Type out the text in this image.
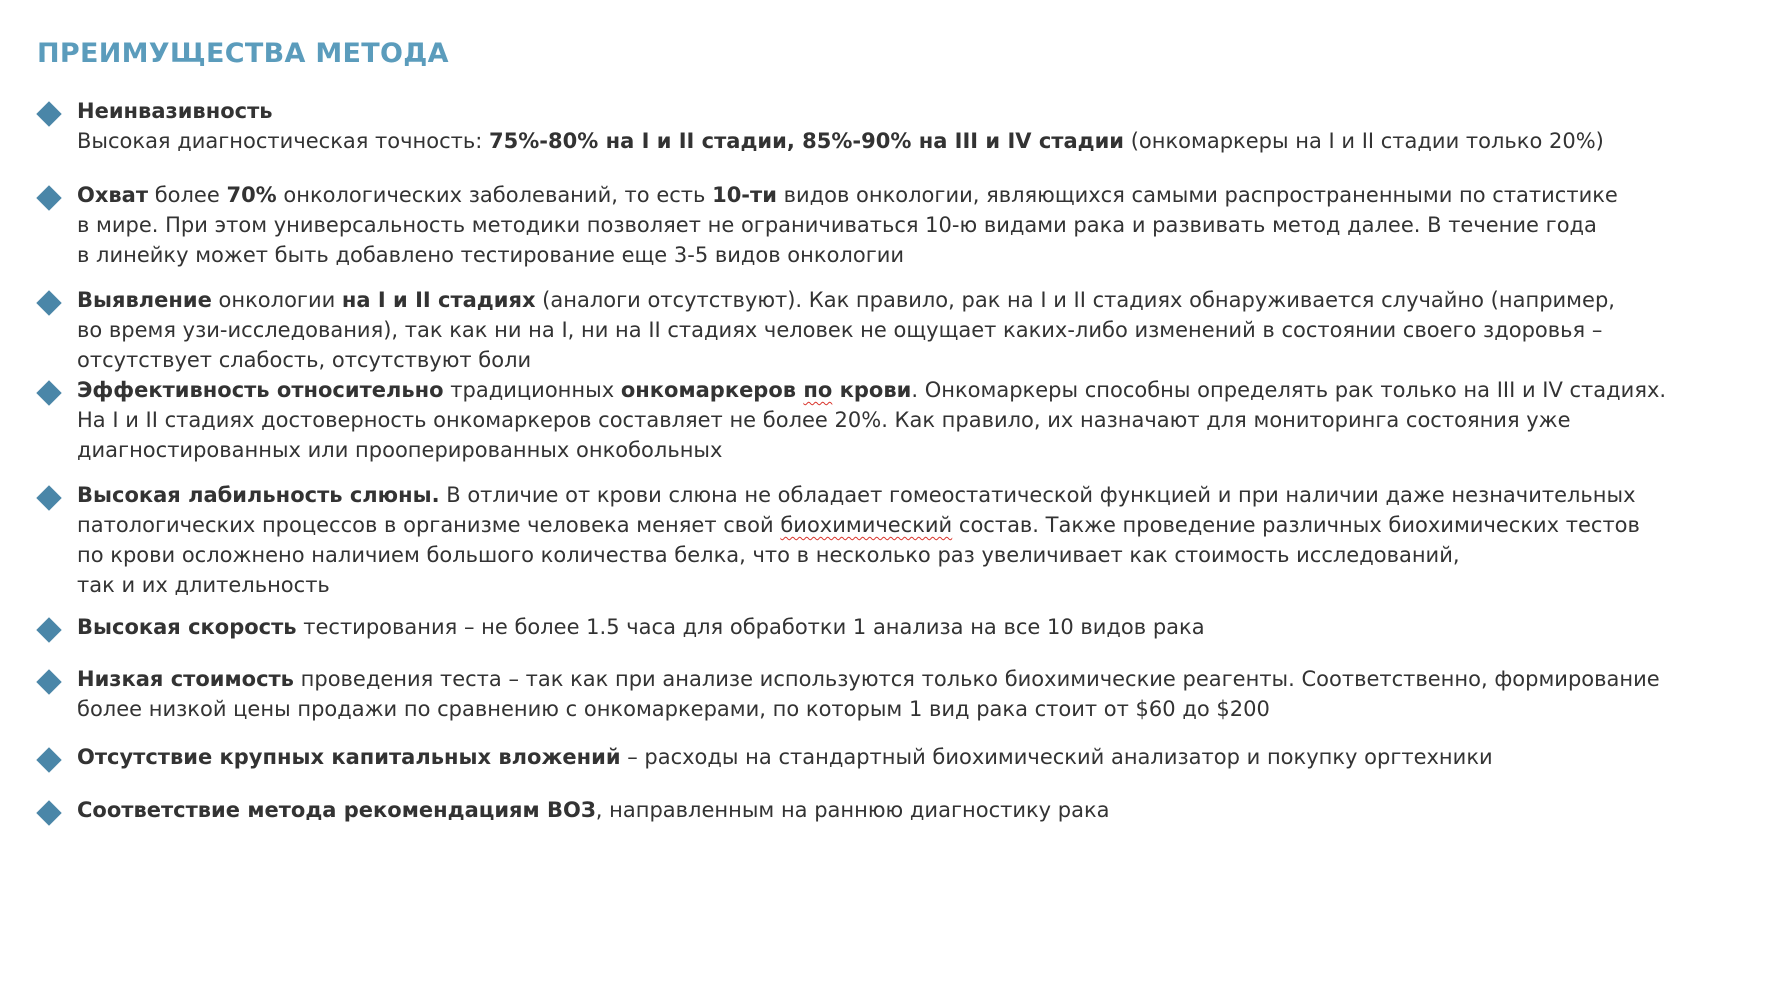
ПРЕИМУЩЕСТВА МЕТОДА
Неинвазивность
Высокая диагностическая точность: 75%-80% на I и II стадии, 85%-90% на III и IV стадии (онкомаркеры на I и II стадии только 20%)
Охват более 70% онкологических заболеваний, то есть 10-ти видов онкологии, являющихся самыми распространенными по статистике
в мире. При этом универсальность методики позволяет не ограничиваться 10-ю видами рака и развивать метод далее. В течение года
в линейку может быть добавлено тестирование еще 3-5 видов онкологии
Выявление онкологии на I и II стадиях (аналоги отсутствуют). Как правило, рак на I и II стадиях обнаруживается случайно (например,
во время узи-исследования), так как ни на I, ни на II стадиях человек не ощущает каких-либо изменений в состоянии своего здоровья –
отсутствует слабость, отсутствуют боли
Эффективность относительно традиционных онкомаркеров по крови. Онкомаркеры способны определять рак только на III и IV стадиях.
На I и II стадиях достоверность онкомаркеров составляет не более 20%. Как правило, их назначают для мониторинга состояния уже
диагностированных или прооперированных онкобольных
Высокая лабильность слюны. В отличие от крови слюна не обладает гомеостатической функцией и при наличии даже незначительных
патологических процессов в организме человека меняет свой биохимический состав. Также проведение различных биохимических тестов
по крови осложнено наличием большого количества белка, что в несколько раз увеличивает как стоимость исследований,
так и их длительность
Высокая скорость тестирования – не более 1.5 часа для обработки 1 анализа на все 10 видов рака
Низкая стоимость проведения теста – так как при анализе используются только биохимические реагенты. Соответственно, формирование
более низкой цены продажи по сравнению с онкомаркерами, по которым 1 вид рака стоит от $60 до $200
Отсутствие крупных капитальных вложений – расходы на стандартный биохимический анализатор и покупку оргтехники
Соответствие метода рекомендациям ВОЗ, направленным на раннюю диагностику рака
